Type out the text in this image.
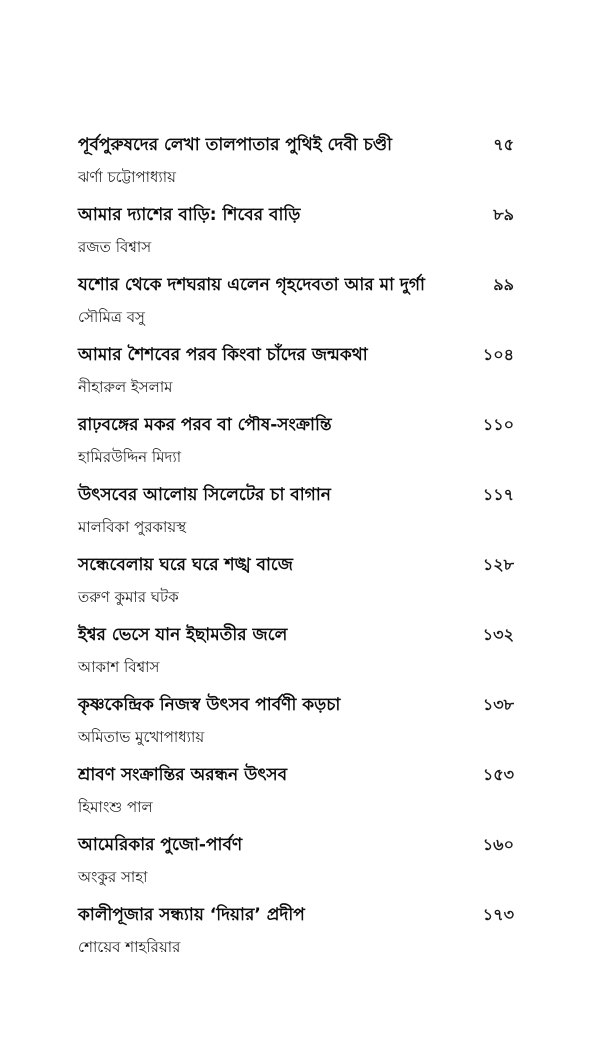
পূর্বপুরুষদের লেখা তালপাতার পুথিই দেবী চণ্ডী	৭৫
ঝর্ণা চট্টোপাধ্যায়
আমার দ্যাশের বাড়ি: শিবের বাড়ি	৮৯
রজত বিশ্বাস
যশোর থেকে দশঘরায় এলেন গৃহদেবতা আর মা দুর্গা	৯৯
সৌমিত্র বসু
আমার শৈশবের পরব কিংবা চাঁদের জন্মকথা	১০৪
নীহারুল ইসলাম
রাঢ়বঙ্গের মকর পরব বা পৌষ-সংক্রান্তি	১১০
হামিরউদ্দিন মিদ্যা
উৎসবের আলোয় সিলেটের চা বাগান	১১৭
মালবিকা পুরকায়স্থ
সন্ধেবেলায় ঘরে ঘরে শঙ্খ বাজে	১২৮
তরুণ কুমার ঘটক
ইশ্বর ভেসে যান ইছামতীর জলে	১৩২
আকাশ বিশ্বাস
কৃষ্ণকেন্দ্রিক নিজস্ব উৎসব পার্বণী কড়চা	১৩৮
অমিতাভ মুখোপাধ্যায়
শ্রাবণ সংক্রান্তির অরন্ধন উৎসব	১৫৩
হিমাংশু পাল
আমেরিকার পুজো-পার্বণ	১৬০
অংকুর সাহা
কালীপূজার সন্ধ্যায় ‘দিয়ার’ প্রদীপ	১৭৩
শোয়েব শাহরিয়ার
